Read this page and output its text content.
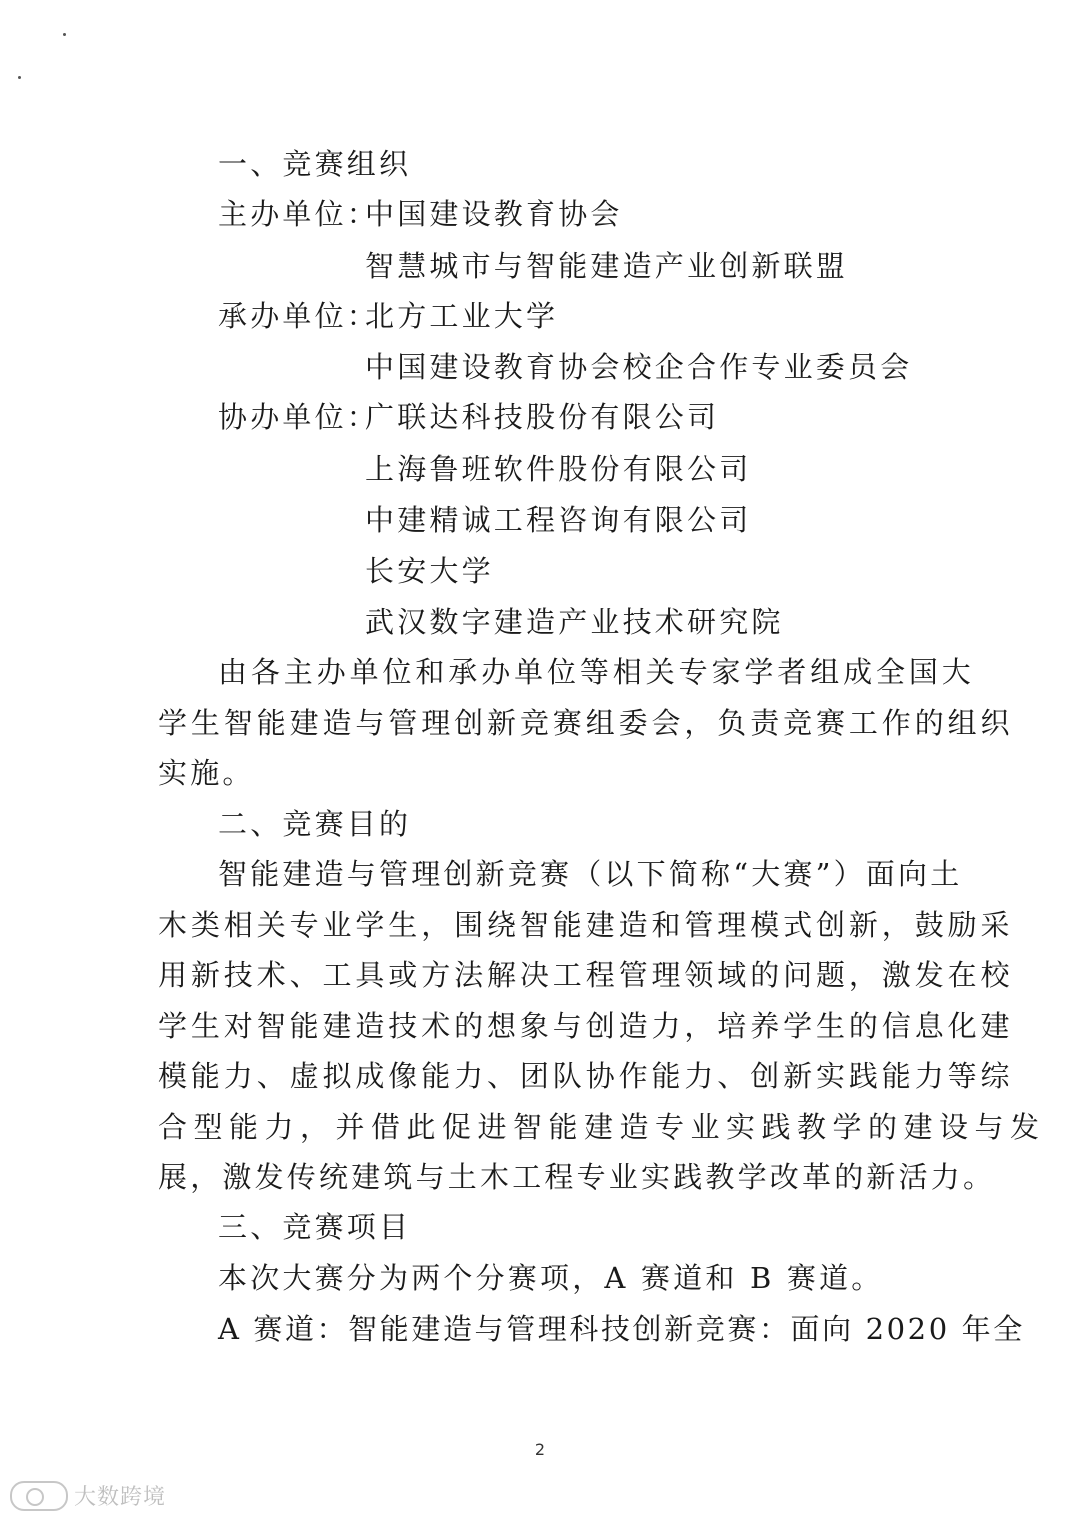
一、竞赛组织
主办单位：
中国建设教育协会
智慧城市与智能建造产业创新联盟
承办单位：
北方工业大学
中国建设教育协会校企合作专业委员会
协办单位：
广联达科技股份有限公司
上海鲁班软件股份有限公司
中建精诚工程咨询有限公司
长安大学
武汉数字建造产业技术研究院
由各主办单位和承办单位等相关专家学者组成全国大
学生智能建造与管理创新竞赛组委会，负责竞赛工作的组织
实施。
二、竞赛目的
智能建造与管理创新竞赛（以下简称“大赛”）面向土
木类相关专业学生，围绕智能建造和管理模式创新，鼓励采
用新技术、工具或方法解决工程管理领域的问题，激发在校
学生对智能建造技术的想象与创造力，培养学生的信息化建
模能力、虚拟成像能力、团队协作能力、创新实践能力等综
合型能力，并借此促进智能建造专业实践教学的建设与发
展，激发传统建筑与土木工程专业实践教学改革的新活力。
三、竞赛项目
本次大赛分为两个分赛项，A 赛道和 B 赛道。
A 赛道：智能建造与管理科技创新竞赛：面向 2020 年全
2
大数跨境
